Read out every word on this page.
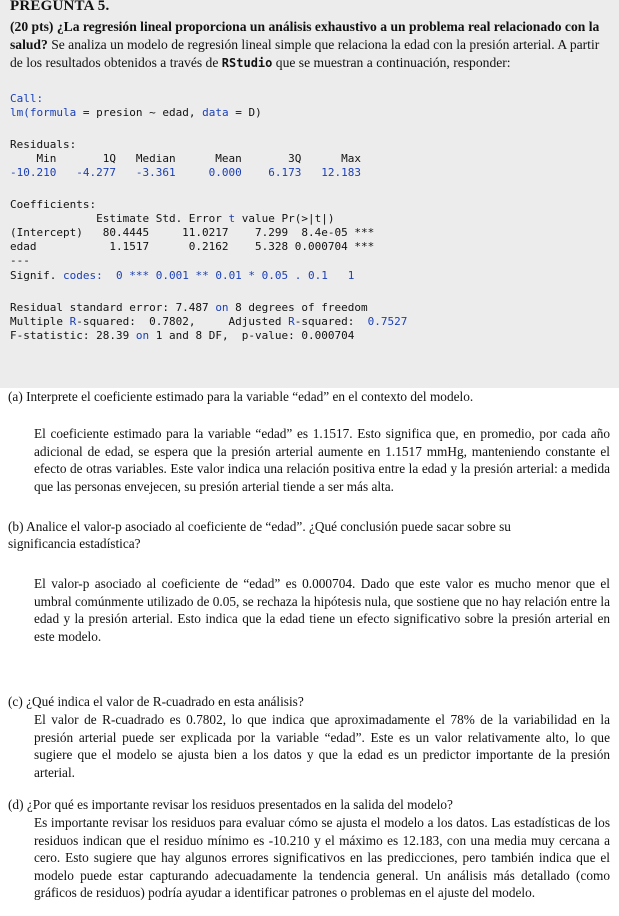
PREGUNTA 5.
(20 pts) ¿La regresión lineal proporciona un análisis exhaustivo a un problema real relacionado con la salud? Se analiza un modelo de regresión lineal simple que relaciona la edad con la presión arterial. A partir de los resultados obtenidos a través de RStudio que se muestran a continuación, responder:
Call:
lm(formula = presion ~ edad, data = D)
Residuals:
Min       1Q   Median      Mean       3Q      Max
-10.210   -4.277   -3.361     0.000    6.173   12.183
Coefficients:
Estimate Std. Error t value Pr(>|t|)
(Intercept)   80.4445     11.0217    7.299  8.4e-05 ***
edad           1.1517      0.2162    5.328 0.000704 ***
---
Signif. codes:  0 *** 0.001 ** 0.01 * 0.05 . 0.1   1
Residual standard error: 7.487 on 8 degrees of freedom
Multiple R-squared:  0.7802,     Adjusted R-squared:  0.7527
F-statistic: 28.39 on 1 and 8 DF,  p-value: 0.000704
(a) Interprete el coeficiente estimado para la variable “edad” en el contexto del modelo.
El coeficiente estimado para la variable “edad” es 1.1517. Esto significa que, en promedio, por cada año adicional de edad, se espera que la presión arterial aumente en 1.1517 mmHg, manteniendo constante el efecto de otras variables. Este valor indica una relación positiva entre la edad y la presión arterial: a medida que las personas envejecen, su presión arterial tiende a ser más alta.
(b) Analice el valor-p asociado al coeficiente de “edad”. ¿Qué conclusión puede sacar sobre su significancia estadística?
El valor-p asociado al coeficiente de “edad” es 0.000704. Dado que este valor es mucho menor que el umbral comúnmente utilizado de 0.05, se rechaza la hipótesis nula, que sostiene que no hay relación entre la edad y la presión arterial. Esto indica que la edad tiene un efecto significativo sobre la presión arterial en este modelo.
(c) ¿Qué indica el valor de R-cuadrado en esta análisis?
El valor de R-cuadrado es 0.7802, lo que indica que aproximadamente el 78% de la variabilidad en la presión arterial puede ser explicada por la variable “edad”. Este es un valor relativamente alto, lo que sugiere que el modelo se ajusta bien a los datos y que la edad es un predictor importante de la presión arterial.
(d) ¿Por qué es importante revisar los residuos presentados en la salida del modelo?
Es importante revisar los residuos para evaluar cómo se ajusta el modelo a los datos. Las estadísticas de los residuos indican que el residuo mínimo es -10.210 y el máximo es 12.183, con una media muy cercana a cero. Esto sugiere que hay algunos errores significativos en las predicciones, pero también indica que el modelo puede estar capturando adecuadamente la tendencia general. Un análisis más detallado (como gráficos de residuos) podría ayudar a identificar patrones o problemas en el ajuste del modelo.
